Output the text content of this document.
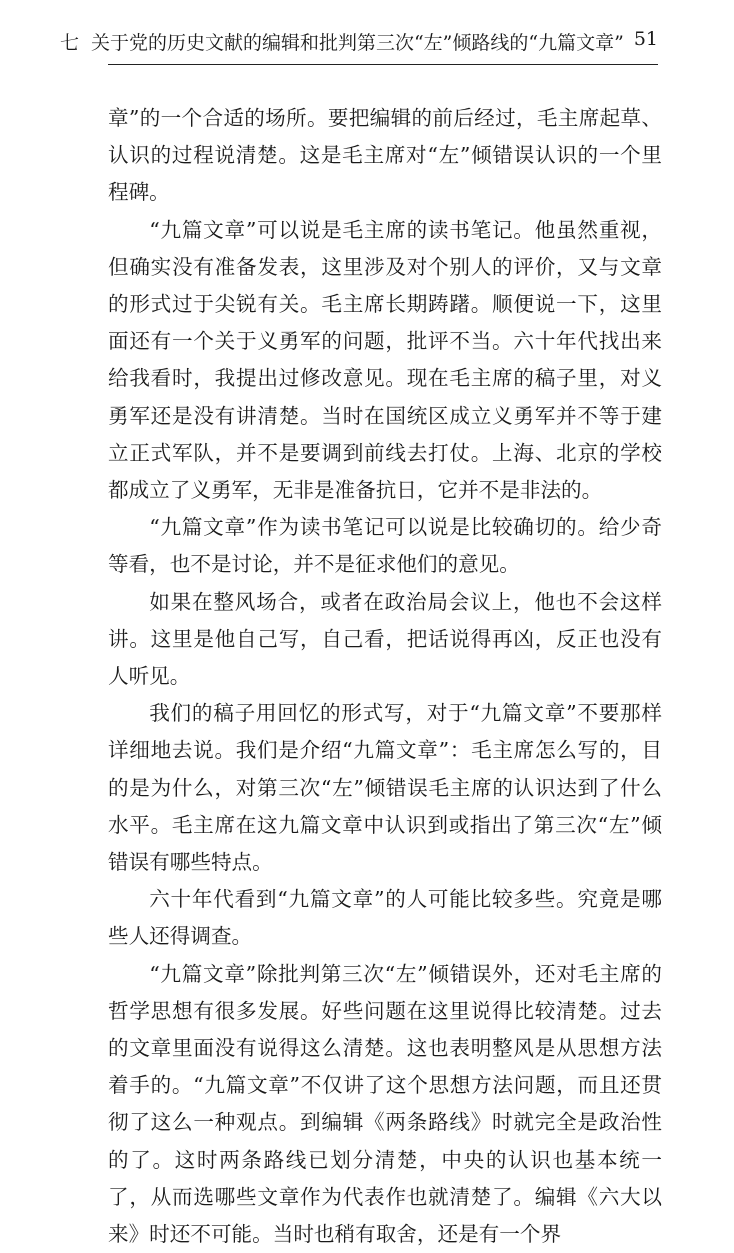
七 关于党的历史文献的编辑和批判第三次“左”倾路线的“九篇文章” 51

章”的一个合适的场所。要把编辑的前后经过，毛主席起草、认识的过程说清楚。这是毛主席对“左”倾错误认识的一个里程碑。

“九篇文章”可以说是毛主席的读书笔记。他虽然重视，但确实没有准备发表，这里涉及对个别人的评价，又与文章的形式过于尖锐有关。毛主席长期踌躇。顺便说一下，这里面还有一个关于义勇军的问题，批评不当。六十年代找出来给我看时，我提出过修改意见。现在毛主席的稿子里，对义勇军还是没有讲清楚。当时在国统区成立义勇军并不等于建立正式军队，并不是要调到前线去打仗。上海、北京的学校都成立了义勇军，无非是准备抗日，它并不是非法的。

“九篇文章”作为读书笔记可以说是比较确切的。给少奇等看，也不是讨论，并不是征求他们的意见。

如果在整风场合，或者在政治局会议上，他也不会这样讲。这里是他自己写，自己看，把话说得再凶，反正也没有人听见。

我们的稿子用回忆的形式写，对于“九篇文章”不要那样详细地去说。我们是介绍“九篇文章”：毛主席怎么写的，目的是为什么，对第三次“左”倾错误毛主席的认识达到了什么水平。毛主席在这九篇文章中认识到或指出了第三次“左”倾错误有哪些特点。

六十年代看到“九篇文章”的人可能比较多些。究竟是哪些人还得调查。

“九篇文章”除批判第三次“左”倾错误外，还对毛主席的哲学思想有很多发展。好些问题在这里说得比较清楚。过去的文章里面没有说得这么清楚。这也表明整风是从思想方法着手的。“九篇文章”不仅讲了这个思想方法问题，而且还贯彻了这么一种观点。到编辑《两条路线》时就完全是政治性的了。这时两条路线已划分清楚，中央的认识也基本统一了，从而选哪些文章作为代表作也就清楚了。编辑《六大以来》时还不可能。当时也稍有取舍，还是有一个界
